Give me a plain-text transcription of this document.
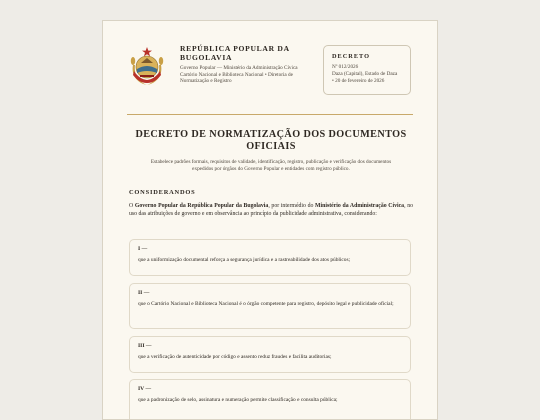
REPÚBLICA POPULAR DA BUGOLAVIA
Governo Popular — Ministério da Administração Cívica
Cartório Nacional e Biblioteca Nacional • Diretoria de Normatização e Registro
DECRETO
Nº 012/2026
Daza (Capital), Estado de Daza
• 20 de fevereiro de 2026
DECRETO DE NORMATIZAÇÃO DOS DOCUMENTOS OFICIAIS
Estabelece padrões formais, requisitos de validade, identificação, registro, publicação e verificação dos documentos expedidos por órgãos do Governo Popular e entidades com registro público.
CONSIDERANDOS
O Governo Popular da República Popular da Bugolavia, por intermédio do Ministério da Administração Cívica, no uso das atribuições de governo e em observância ao princípio da publicidade administrativa, considerando:
I —
que a uniformização documental reforça a segurança jurídica e a rastreabilidade dos atos públicos;
II —
que o Cartório Nacional e Biblioteca Nacional é o órgão competente para registro, depósito legal e publicidade oficial;
III —
que a verificação de autenticidade por código e assento reduz fraudes e facilita auditorias;
IV —
que a padronização de selo, assinatura e numeração permite classificação e consulta pública;
